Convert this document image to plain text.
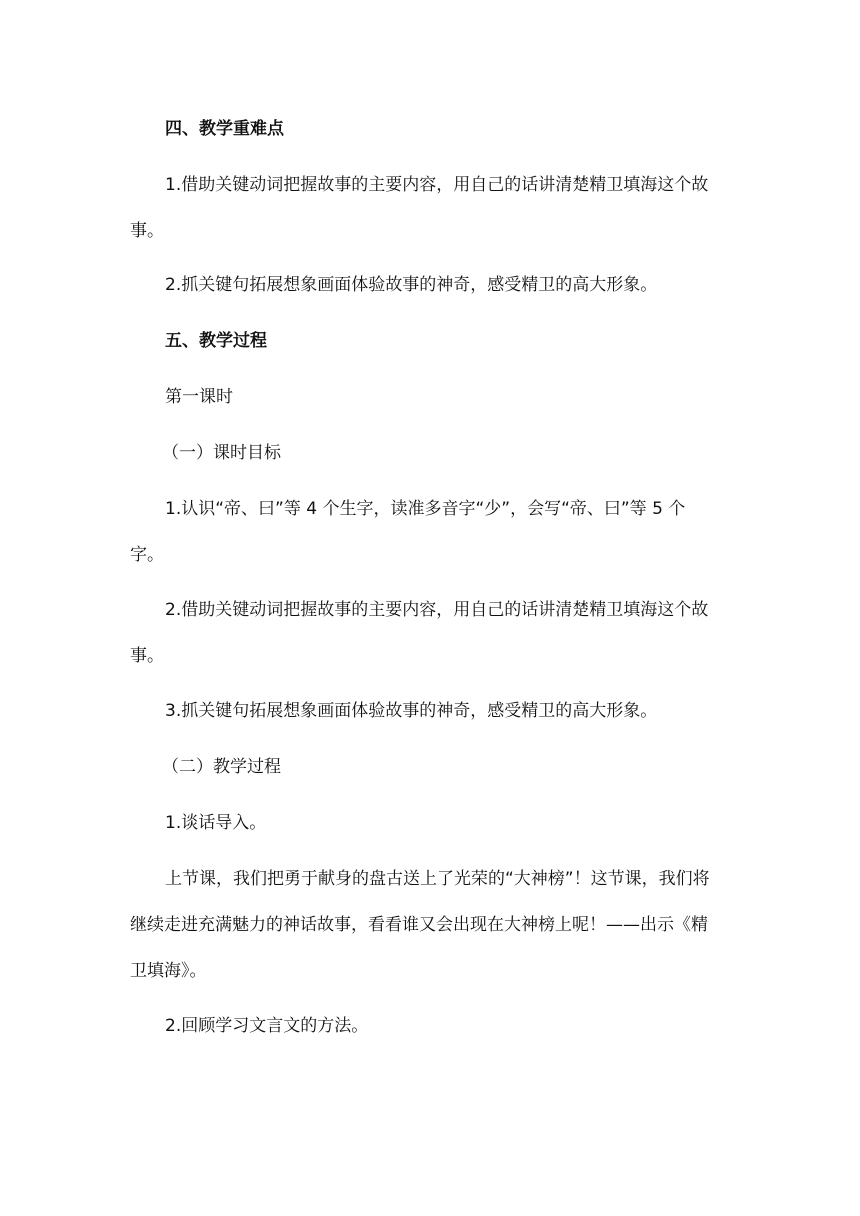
四、教学重难点
1.借助关键动词把握故事的主要内容，用自己的话讲清楚精卫填海这个故
事。
2.抓关键句拓展想象画面体验故事的神奇，感受精卫的高大形象。
五、教学过程
第一课时
（一）课时目标
1.认识“帝、曰”等 4 个生字，读准多音字“少”，会写“帝、曰”等 5 个
字。
2.借助关键动词把握故事的主要内容，用自己的话讲清楚精卫填海这个故
事。
3.抓关键句拓展想象画面体验故事的神奇，感受精卫的高大形象。
（二）教学过程
1.谈话导入。
上节课，我们把勇于献身的盘古送上了光荣的“大神榜”！这节课，我们将
继续走进充满魅力的神话故事，看看谁又会出现在大神榜上呢！——出示《精
卫填海》。
2.回顾学习文言文的方法。
